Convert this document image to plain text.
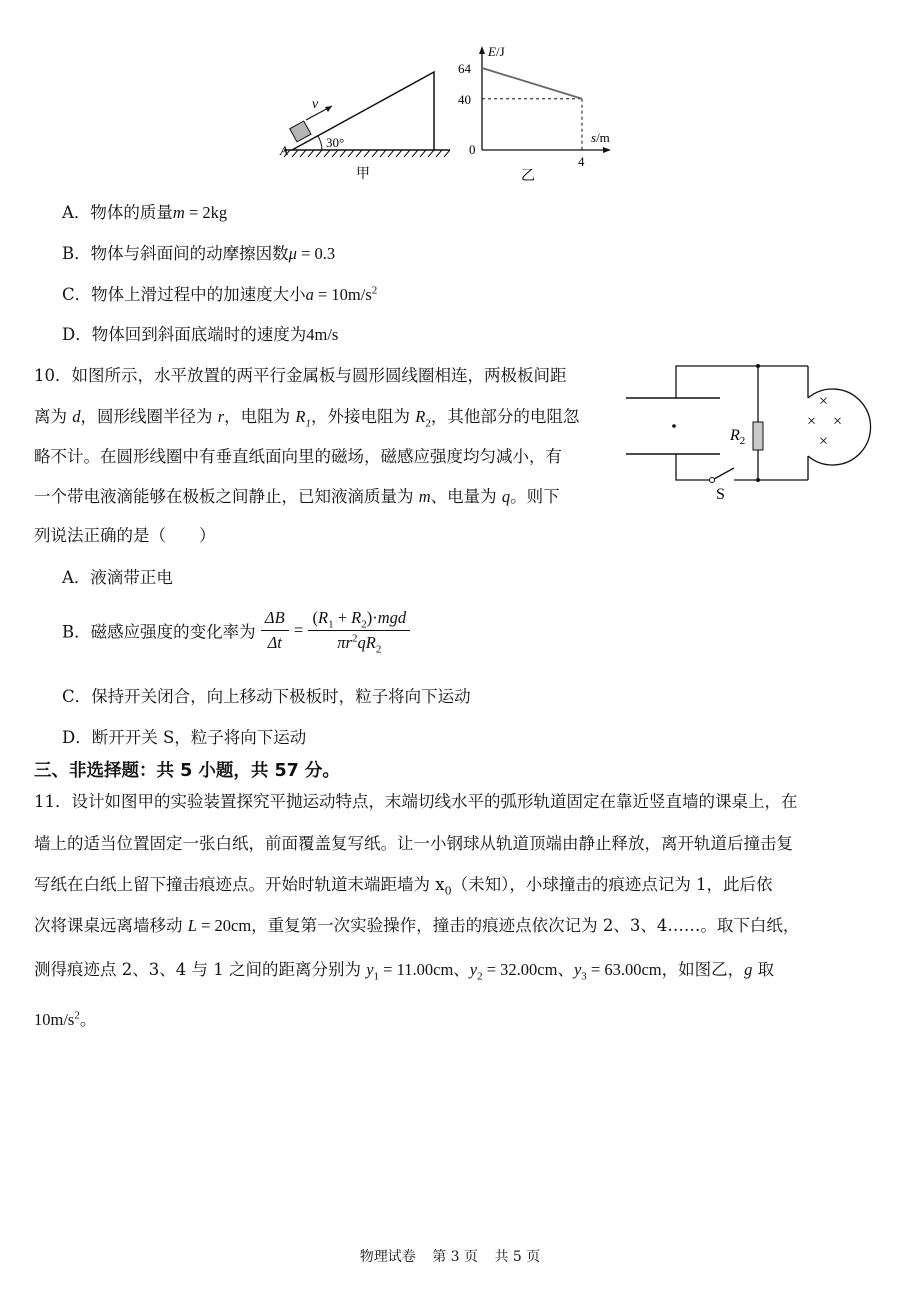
v
30°
A
甲
E/J
s/m
0
40
64
4
乙
A．物体的质量m = 2kg
B．物体与斜面间的动摩擦因数μ = 0.3
C．物体上滑过程中的加速度大小$a = 10m/s^2$
D．物体回到斜面底端时的速度为4m/s
10．如图所示，水平放置的两平行金属板与圆形圆线圈相连，两极板间距
离为 d，圆形线圈半径为 r，电阻为 $R_1$，外接电阻为 $R_2$，其他部分的电阻忽
略不计。在圆形线圈中有垂直纸面向里的磁场，磁感应强度均匀减小，有
一个带电液滴能够在极板之间静止，已知液滴质量为 m、电量为 q。则下
列说法正确的是（　　）
S
$R_2$
×
× ×
×
A．液滴带正电
B．磁感应强度的变化率为 $\frac{\Delta B}{\Delta t} = \frac{(R_1 + R_2)\cdot mgd}{\pi r^2qR_2}$
C．保持开关闭合，向上移动下极板时，粒子将向下运动
D．断开开关 S，粒子将向下运动
三、非选择题：共 5 小题，共 57 分。
11．设计如图甲的实验装置探究平抛运动特点，末端切线水平的弧形轨道固定在靠近竖直墙的课桌上，在
墙上的适当位置固定一张白纸，前面覆盖复写纸。让一小钢球从轨道顶端由静止释放，离开轨道后撞击复
写纸在白纸上留下撞击痕迹点。开始时轨道末端距墙为 $x_0$（未知），小球撞击的痕迹点记为 1，此后依
次将课桌远离墙移动 L = 20cm，重复第一次实验操作，撞击的痕迹点依次记为 2、3、4……。取下白纸，
测得痕迹点 2、3、4 与 1 之间的距离分别为 $y_1 = 11.00cm$、$y_2 = 32.00cm$、$y_3 = 63.00cm$，如图乙，g 取
$10m/s^2$。
物理试卷 第 3 页 共 5 页
